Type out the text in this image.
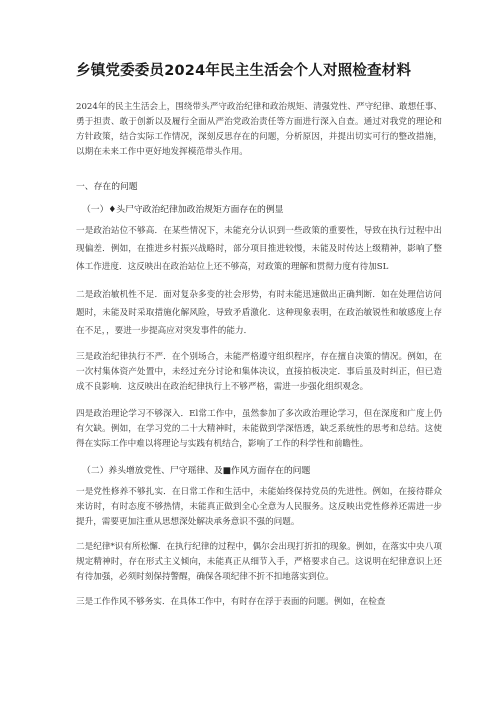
乡镇党委委员2024年民主生活会个人对照检查材料

2024年的民主生活会上，围绕带头严守政治纪律和政治规矩、清强党性、严守纪律、敢想任事、勇于担责、敢于创新以及履行全面从严治党政治责任等方面进行深入自查。通过对我党的理论和方针政策，结合实际工作情况，深刻反思存在的问题，分析原因，并提出切实可行的整改措施，以期在未来工作中更好地发挥模范带头作用。

一、存在的问题
（一）♦头尸守政治纪律加政治规矩方面存在的例显

一是政治站位不够高．在某些情况下，未能充分认识到一些政策的重要性，导致在执行过程中出现偏差．例如，在推进乡村振兴战略时，部分项目推进较慢，未能及时传达上级精神，影响了整体工作进度．这反映出在政治站位上还不够高，对政策的理解和贯彻力度有待加SL

二是政治敏机性不足．面对复杂多变的社会形势，有时未能迅速做出正确判断．如在处理信访问题时，未能及时采取措施化解风险，导致矛盾激化．这种现象表明，在政治敏锐性和敏感度上存在不足，，要进一步提高应对突发事件的能力．

三是政治纪律执行不严．在个别场合，未能严格遵守组织程序，存在擅自决策的情况。例如，在一次村集体资产处置中，未经过充分讨论和集体决议，直接拍板决定．事后虽及时纠正，但已造成不良影响．这反映出在政治纪律执行上不够严格，需进一步强化组织观念。

四是政治理论学习不够深入．El常工作中，虽然参加了多次政治理论学习，但在深度和广度上仍有欠缺。例如，在学习党的二十大精神时，未能做到学深悟透，缺乏系统性的思考和总结。这使得在实际工作中难以将理论与实践有机结合，影响了工作的科学性和前瞻性。

（二）养头增放党性、尸守瑶律、及■作风方面存在的问题

一是党性修养不够扎实．在日常工作和生活中，未能始终保持党员的先进性。例如，在接待群众来访时，有时态度不够热情，未能真正做到全心全意为人民服务。这反映出党性修养还需进一步提升，需要更加注重从思想深处解决承务意识不强的问题。

二是纪律*识有所松懈．在执行纪律的过程中，偶尔会出现打折扣的现象。例如，在落实中央八项规定精神时，存在形式主义倾向，未能真正从细节入手，严格要求自己。这说明在纪律意识上还有待加强，必须时刻保持警醒，确保各项纪律不折不扣地落实到位。

三是工作作风不够务实．在具体工作中，有时存在浮于表面的问题。例如，在检查
